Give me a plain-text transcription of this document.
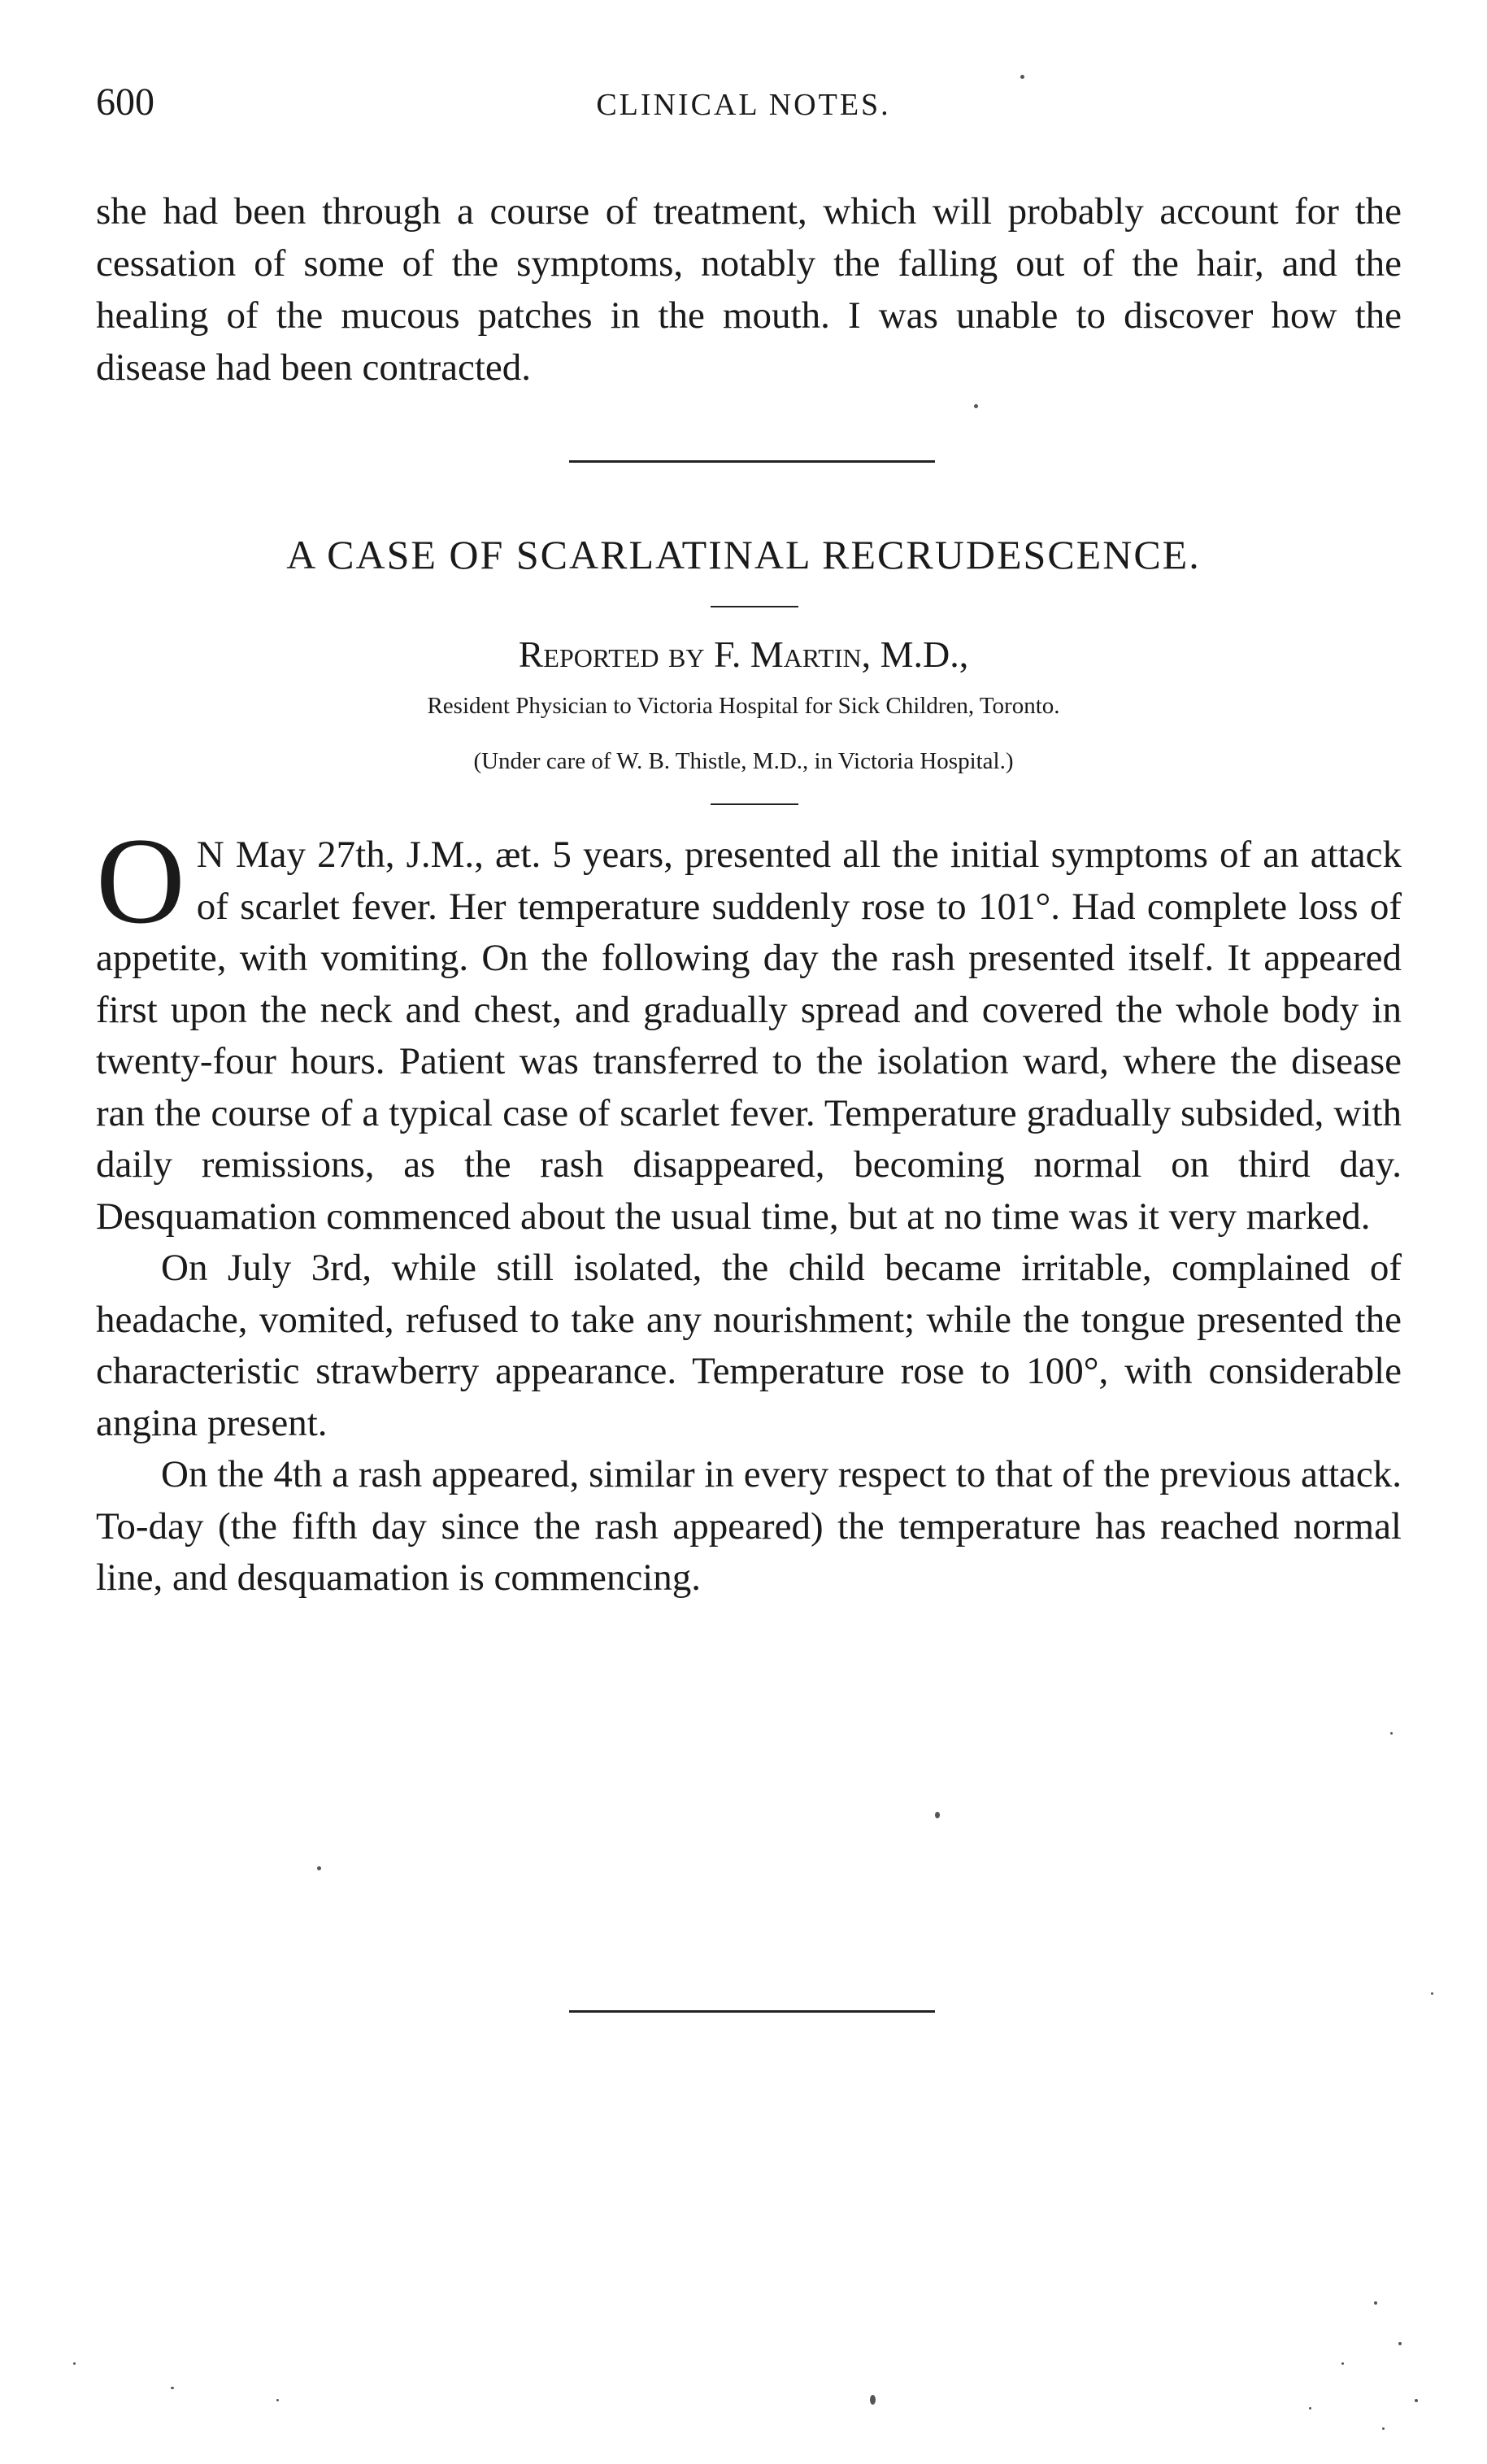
600	CLINICAL NOTES.
she had been through a course of treatment, which will probably account for the cessation of some of the symptoms, notably the falling out of the hair, and the healing of the mucous patches in the mouth. I was unable to discover how the disease had been contracted.
A CASE OF SCARLATINAL RECRUDESCENCE.
Reported by F. Martin, M.D.,
Resident Physician to Victoria Hospital for Sick Children, Toronto.
(Under care of W. B. Thistle, M.D., in Victoria Hospital.)

O N May 27th, J.M., æt. 5 years, presented all the initial symptoms of an attack of scarlet fever. Her temperature suddenly rose to 101°. Had complete loss of appetite, with vomiting. On the following day the rash presented itself. It appeared first upon the neck and chest, and gradually spread and covered the whole body in twenty-four hours. Patient was transferred to the isolation ward, where the disease ran the course of a typical case of scarlet fever. Temperature gradually subsided, with daily remissions, as the rash disappeared, becoming normal on third day. Desquamation commenced about the usual time, but at no time was it very marked.

On July 3rd, while still isolated, the child became irritable, complained of headache, vomited, refused to take any nourishment; while the tongue presented the characteristic strawberry appearance. Temperature rose to 100°, with considerable angina present.

On the 4th a rash appeared, similar in every respect to that of the previous attack. To-day (the fifth day since the rash appeared) the temperature has reached normal line, and desquamation is commencing.
